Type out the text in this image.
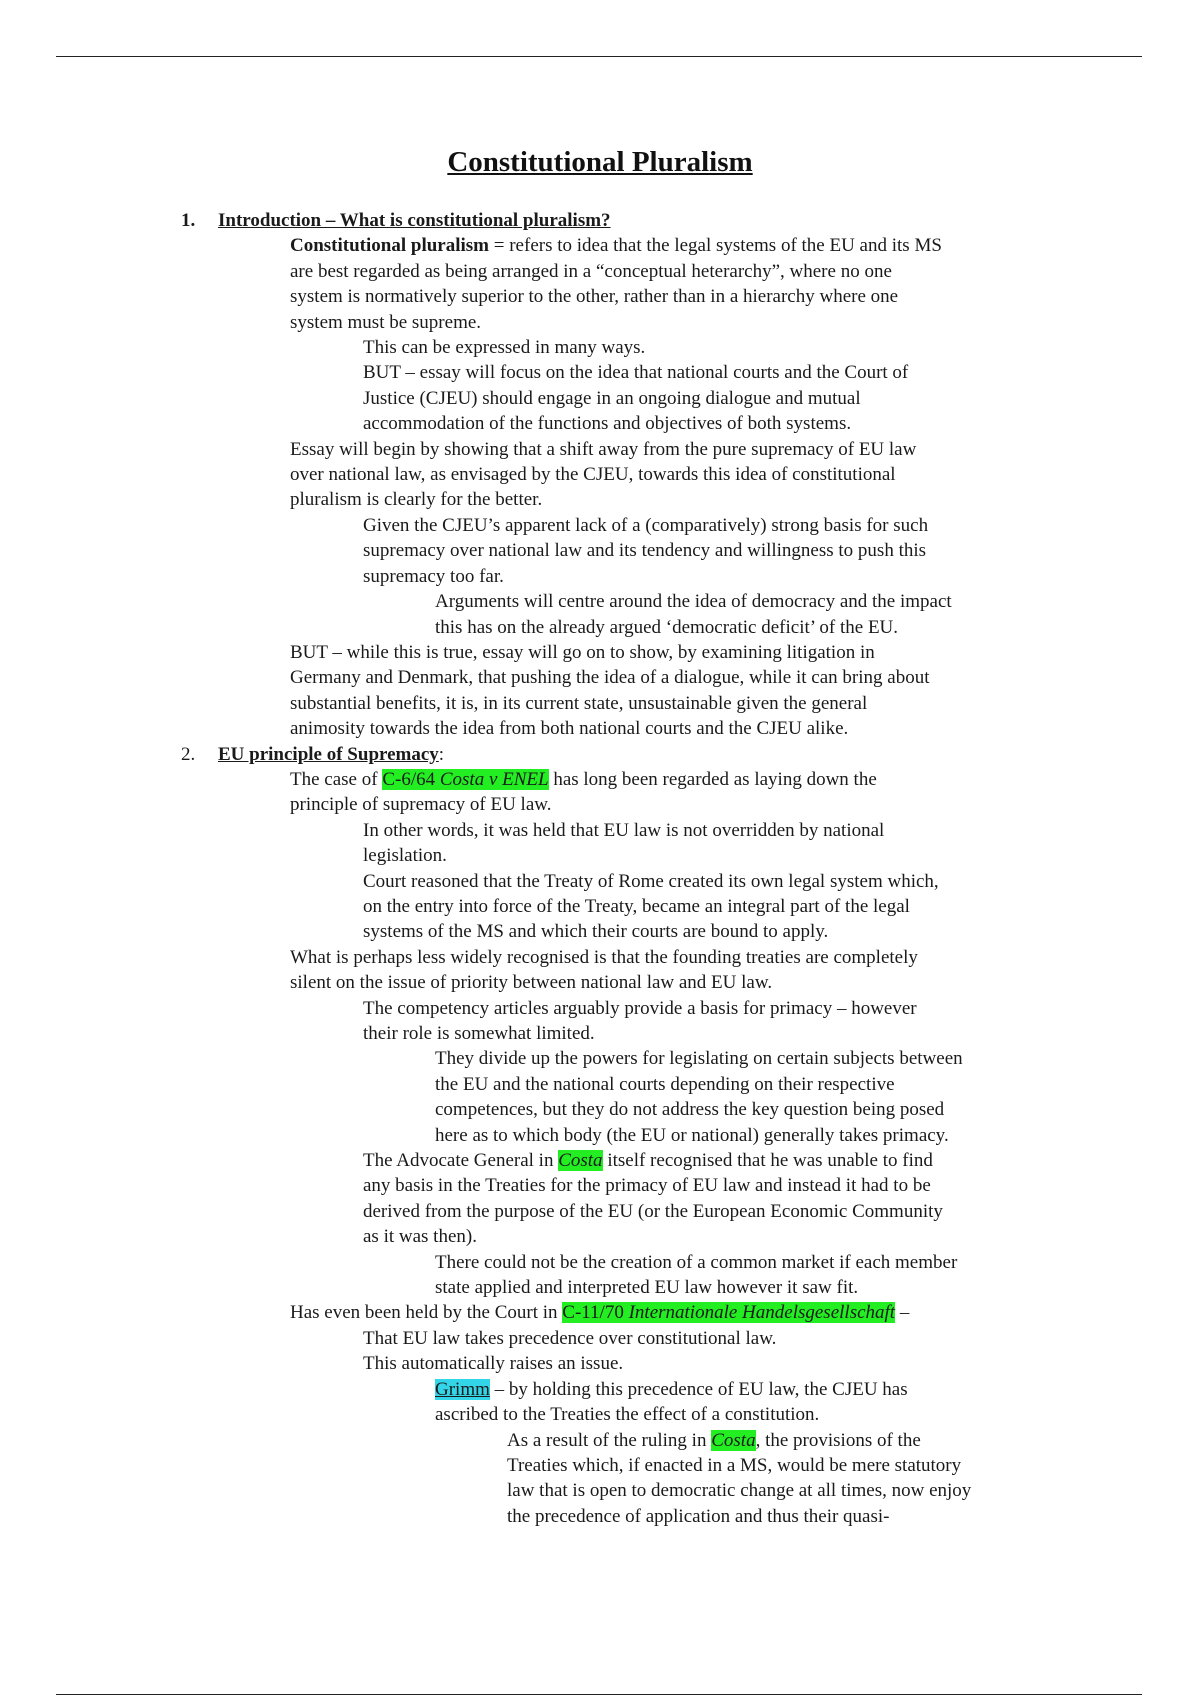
Constitutional Pluralism
1. Introduction – What is constitutional pluralism?
Constitutional pluralism = refers to idea that the legal systems of the EU and its MS
are best regarded as being arranged in a “conceptual heterarchy”, where no one
system is normatively superior to the other, rather than in a hierarchy where one
system must be supreme.
This can be expressed in many ways.
BUT – essay will focus on the idea that national courts and the Court of
Justice (CJEU) should engage in an ongoing dialogue and mutual
accommodation of the functions and objectives of both systems.
Essay will begin by showing that a shift away from the pure supremacy of EU law
over national law, as envisaged by the CJEU, towards this idea of constitutional
pluralism is clearly for the better.
Given the CJEU’s apparent lack of a (comparatively) strong basis for such
supremacy over national law and its tendency and willingness to push this
supremacy too far.
Arguments will centre around the idea of democracy and the impact
this has on the already argued ‘democratic deficit’ of the EU.
BUT – while this is true, essay will go on to show, by examining litigation in
Germany and Denmark, that pushing the idea of a dialogue, while it can bring about
substantial benefits, it is, in its current state, unsustainable given the general
animosity towards the idea from both national courts and the CJEU alike.
2. EU principle of Supremacy:
The case of C-6/64 Costa v ENEL has long been regarded as laying down the
principle of supremacy of EU law.
In other words, it was held that EU law is not overridden by national
legislation.
Court reasoned that the Treaty of Rome created its own legal system which,
on the entry into force of the Treaty, became an integral part of the legal
systems of the MS and which their courts are bound to apply.
What is perhaps less widely recognised is that the founding treaties are completely
silent on the issue of priority between national law and EU law.
The competency articles arguably provide a basis for primacy – however
their role is somewhat limited.
They divide up the powers for legislating on certain subjects between
the EU and the national courts depending on their respective
competences, but they do not address the key question being posed
here as to which body (the EU or national) generally takes primacy.
The Advocate General in Costa itself recognised that he was unable to find
any basis in the Treaties for the primacy of EU law and instead it had to be
derived from the purpose of the EU (or the European Economic Community
as it was then).
There could not be the creation of a common market if each member
state applied and interpreted EU law however it saw fit.
Has even been held by the Court in C-11/70 Internationale Handelsgesellschaft –
That EU law takes precedence over constitutional law.
This automatically raises an issue.
Grimm – by holding this precedence of EU law, the CJEU has
ascribed to the Treaties the effect of a constitution.
As a result of the ruling in Costa, the provisions of the
Treaties which, if enacted in a MS, would be mere statutory
law that is open to democratic change at all times, now enjoy
the precedence of application and thus their quasi-
